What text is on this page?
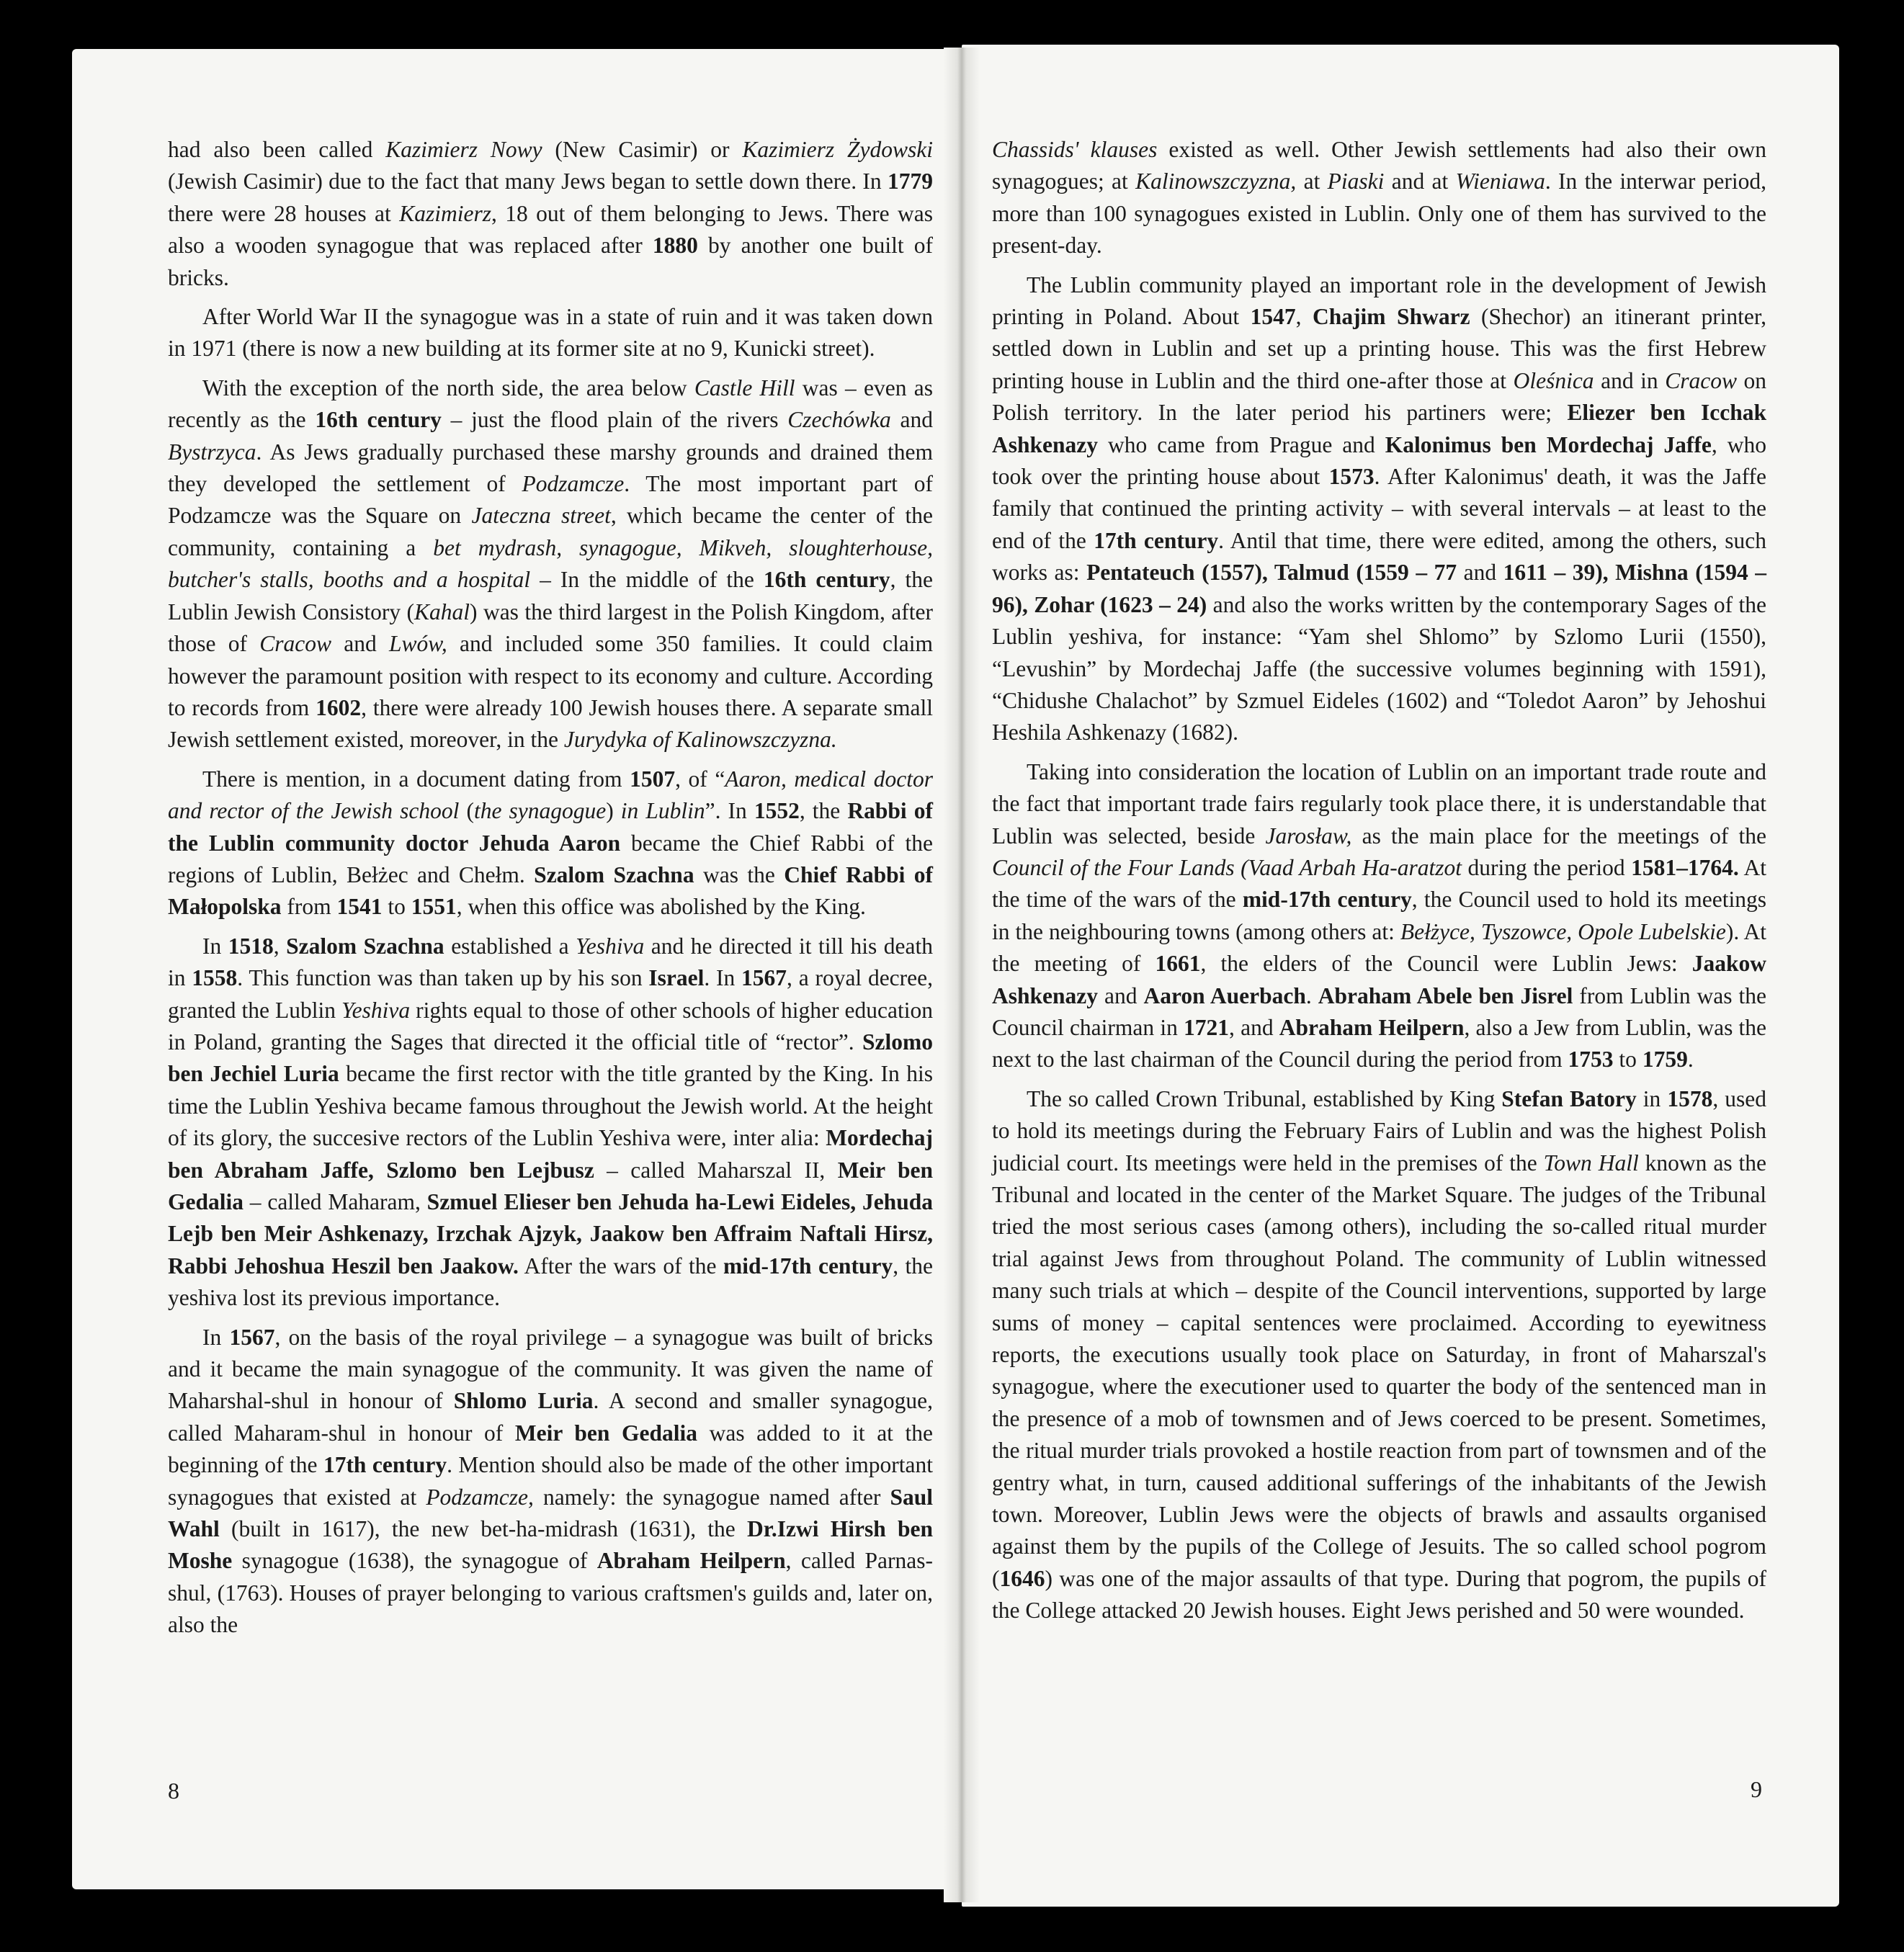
had also been called Kazimierz Nowy (New Casimir) or Kazimierz Żydowski (Jewish Casimir) due to the fact that many Jews began to settle down there. In 1779 there were 28 houses at Kazimierz, 18 out of them belonging to Jews. There was also a wooden synagogue that was replaced after 1880 by another one built of bricks.

After World War II the synagogue was in a state of ruin and it was taken down in 1971 (there is now a new building at its former site at no 9, Kunicki street).

With the exception of the north side, the area below Castle Hill was – even as recently as the 16th century – just the flood plain of the rivers Czechówka and Bystrzyca. As Jews gradually purchased these marshy grounds and drained them they developed the settlement of Podzamcze. The most important part of Podzamcze was the Square on Jateczna street, which became the center of the community, containing a bet mydrash, synagogue, Mikveh, sloughterhouse, butcher's stalls, booths and a hospital – In the middle of the 16th century, the Lublin Jewish Consistory (Kahal) was the third largest in the Polish Kingdom, after those of Cracow and Lwów, and included some 350 families. It could claim however the paramount position with respect to its economy and culture. According to records from 1602, there were already 100 Jewish houses there. A separate small Jewish settlement existed, moreover, in the Jurydyka of Kalinowszczyzna.

There is mention, in a document dating from 1507, of “Aaron, medical doctor and rector of the Jewish school (the synagogue) in Lublin”. In 1552, the Rabbi of the Lublin community doctor Jehuda Aaron became the Chief Rabbi of the regions of Lublin, Bełżec and Chełm. Szalom Szachna was the Chief Rabbi of Małopolska from 1541 to 1551, when this office was abolished by the King.

In 1518, Szalom Szachna established a Yeshiva and he directed it till his death in 1558. This function was than taken up by his son Israel. In 1567, a royal decree, granted the Lublin Yeshiva rights equal to those of other schools of higher education in Poland, granting the Sages that directed it the official title of “rector”. Szlomo ben Jechiel Luria became the first rector with the title granted by the King. In his time the Lublin Yeshiva became famous throughout the Jewish world. At the height of its glory, the succesive rectors of the Lublin Yeshiva were, inter alia: Mordechaj ben Abraham Jaffe, Szlomo ben Lejbusz – called Maharszal II, Meir ben Gedalia – called Maharam, Szmuel Elieser ben Jehuda ha-Lewi Eideles, Jehuda Lejb ben Meir Ashkenazy, Irzchak Ajzyk, Jaakow ben Affraim Naftali Hirsz, Rabbi Jehoshua Heszil ben Jaakow. After the wars of the mid-17th century, the yeshiva lost its previous importance.

In 1567, on the basis of the royal privilege – a synagogue was built of bricks and it became the main synagogue of the community. It was given the name of Maharshal-shul in honour of Shlomo Luria. A second and smaller synagogue, called Maharam-shul in honour of Meir ben Gedalia was added to it at the beginning of the 17th century. Mention should also be made of the other important synagogues that existed at Podzamcze, namely: the synagogue named after Saul Wahl (built in 1617), the new bet-ha-midrash (1631), the Dr.Izwi Hirsh ben Moshe synagogue (1638), the synagogue of Abraham Heilpern, called Parnas-shul, (1763). Houses of prayer belonging to various craftsmen's guilds and, later on, also the

Chassids' klauses existed as well. Other Jewish settlements had also their own synagogues; at Kalinowszczyzna, at Piaski and at Wieniawa. In the interwar period, more than 100 synagogues existed in Lublin. Only one of them has survived to the present-day.

The Lublin community played an important role in the development of Jewish printing in Poland. About 1547, Chajim Shwarz (Shechor) an itinerant printer, settled down in Lublin and set up a printing house. This was the first Hebrew printing house in Lublin and the third one-after those at Oleśnica and in Cracow on Polish territory. In the later period his partiners were; Eliezer ben Icchak Ashkenazy who came from Prague and Kalonimus ben Mordechaj Jaffe, who took over the printing house about 1573. After Kalonimus' death, it was the Jaffe family that continued the printing activity – with several intervals – at least to the end of the 17th century. Antil that time, there were edited, among the others, such works as: Pentateuch (1557), Talmud (1559 – 77 and 1611 – 39), Mishna (1594 – 96), Zohar (1623 – 24) and also the works written by the contemporary Sages of the Lublin yeshiva, for instance: “Yam shel Shlomo” by Szlomo Lurii (1550), “Levushin” by Mordechaj Jaffe (the successive volumes beginning with 1591), “Chidushe Chalachot” by Szmuel Eideles (1602) and “Toledot Aaron” by Jehoshui Heshila Ashkenazy (1682).

Taking into consideration the location of Lublin on an important trade route and the fact that important trade fairs regularly took place there, it is understandable that Lublin was selected, beside Jarosław, as the main place for the meetings of the Council of the Four Lands (Vaad Arbah Ha-aratzot during the period 1581–1764. At the time of the wars of the mid-17th century, the Council used to hold its meetings in the neighbouring towns (among others at: Bełżyce, Tyszowce, Opole Lubelskie). At the meeting of 1661, the elders of the Council were Lublin Jews: Jaakow Ashkenazy and Aaron Auerbach. Abraham Abele ben Jisrel from Lublin was the Council chairman in 1721, and Abraham Heilpern, also a Jew from Lublin, was the next to the last chairman of the Council during the period from 1753 to 1759.

The so called Crown Tribunal, established by King Stefan Batory in 1578, used to hold its meetings during the February Fairs of Lublin and was the highest Polish judicial court. Its meetings were held in the premises of the Town Hall known as the Tribunal and located in the center of the Market Square. The judges of the Tribunal tried the most serious cases (among others), including the so-called ritual murder trial against Jews from throughout Poland. The community of Lublin witnessed many such trials at which – despite of the Council interventions, supported by large sums of money – capital sentences were proclaimed. According to eyewitness reports, the executions usually took place on Saturday, in front of Maharszal's synagogue, where the executioner used to quarter the body of the sentenced man in the presence of a mob of townsmen and of Jews coerced to be present. Sometimes, the ritual murder trials provoked a hostile reaction from part of townsmen and of the gentry what, in turn, caused additional sufferings of the inhabitants of the Jewish town. Moreover, Lublin Jews were the objects of brawls and assaults organised against them by the pupils of the College of Jesuits. The so called school pogrom (1646) was one of the major assaults of that type. During that pogrom, the pupils of the College attacked 20 Jewish houses. Eight Jews perished and 50 were wounded.

8	9
